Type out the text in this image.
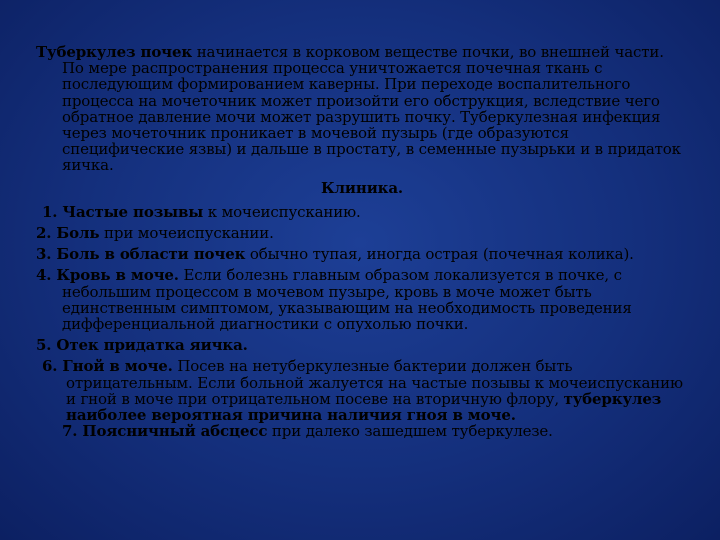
Туберкулез почек начинается в корковом веществе почки, во внешней части. По мере распространения процесса уничтожается почечная ткань с последующим формированием каверны. При переходе воспалительного процесса на мочеточник может произойти его обструкция, вследствие чего обратное давление мочи может разрушить почку. Туберкулезная инфекция через мочеточник проникает в мочевой пузырь (где образуются специфические язвы) и дальше в простату, в семенные пузырьки и в придаток яичка.

Клиника.

1. Частые позывы к мочеиспусканию.

2. Боль при мочеиспускании.

3. Боль в области почек обычно тупая, иногда острая (почечная колика).

4. Кровь в моче. Если болезнь главным образом локализуется в почке, с небольшим процессом в мочевом пузыре, кровь в моче может быть единственным симптомом, указывающим на необходимость проведения дифференциальной диагностики с опухолью почки.

5. Отек придатка яичка.

6. Гной в моче. Посев на нетуберкулезные бактерии должен быть отрицательным. Если больной жалуется на частые позывы к мочеиспусканию и гной в моче при отрицательном посеве на вторичную флору, туберкулез наиболее вероятная причина наличия гноя в моче.

7. Поясничный абсцесс при далеко зашедшем туберкулезе.
